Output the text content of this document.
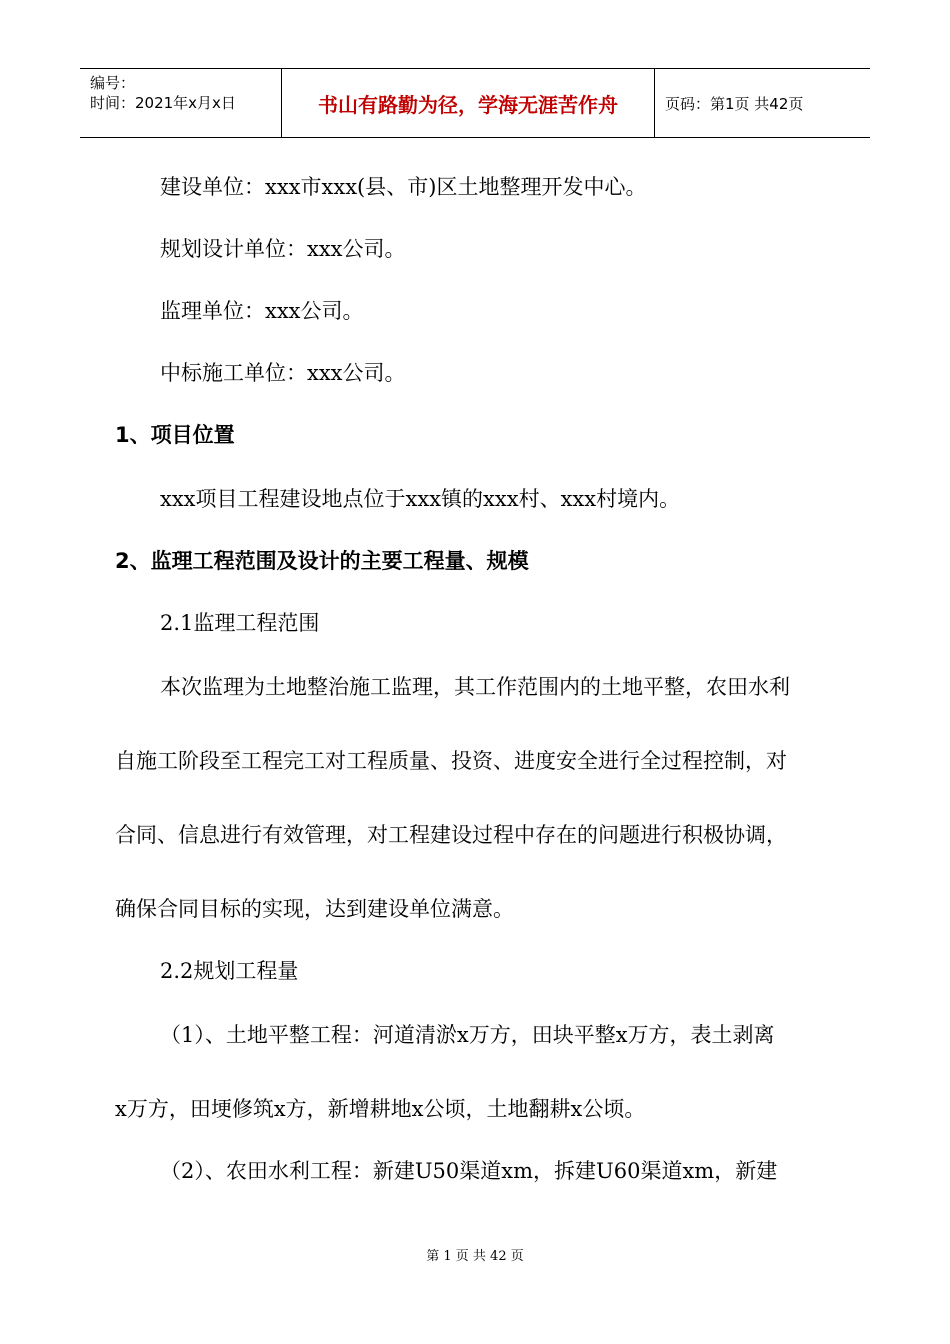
编号：
时间：2021年x月x日	书山有路勤为径，学海无涯苦作舟	页码：第1页 共42页
建设单位：xxx市xxx(县、市)区土地整理开发中心。
规划设计单位：xxx公司。
监理单位：xxx公司。
中标施工单位：xxx公司。
1、项目位置
xxx项目工程建设地点位于xxx镇的xxx村、xxx村境内。
2、监理工程范围及设计的主要工程量、规模
2.1监理工程范围
本次监理为土地整治施工监理，其工作范围内的土地平整，农田水利
自施工阶段至工程完工对工程质量、投资、进度安全进行全过程控制，对
合同、信息进行有效管理，对工程建设过程中存在的问题进行积极协调，
确保合同目标的实现，达到建设单位满意。
2.2规划工程量
（1）、土地平整工程：河道清淤x万方，田块平整x万方，表土剥离
x万方，田埂修筑x方，新增耕地x公顷，土地翻耕x公顷。
（2）、农田水利工程：新建U50渠道xm，拆建U60渠道xm，新建
第 1 页 共 42 页
